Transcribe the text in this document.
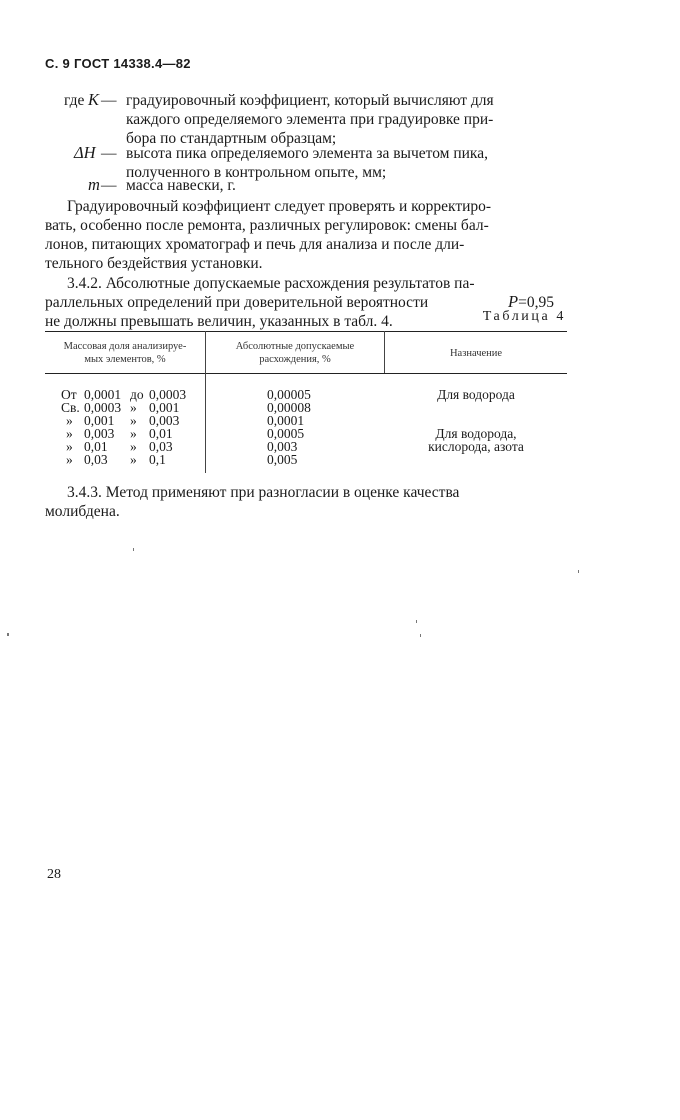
С. 9 ГОСТ 14338.4—82
где K — градуировочный коэффициент, который вычисляют для
каждого определяемого элемента при градуировке при-
бора по стандартным образцам;
ΔH — высота пика определяемого элемента за вычетом пика,
полученного в контрольном опыте, мм;
m — масса навески, г.
Градуировочный коэффициент следует проверять и корректиро-
вать, особенно после ремонта, различных регулировок: смены бал-
лонов, питающих хроматограф и печь для анализа и после дли-
тельного бездействия установки.
3.4.2. Абсолютные допускаемые расхождения результатов па-
раллельных определений при доверительной вероятности	P=0,95
не должны превышать величин, указанных в табл. 4.	Таблица 4
Массовая доля анализируе-
мых элементов, %
Абсолютные допускаемые
расхождения, %
Назначение
От 0,0001 до 0,0003	0,00005	Для водорода
Св. 0,0003 » 0,001	0,00008
» 0,001 » 0,003	0,0001
» 0,003 » 0,01	0,0005	Для водорода,
» 0,01 » 0,03	0,003	кислорода, азота
» 0,03 » 0,1	0,005
3.4.3. Метод применяют при разногласии в оценке качества
молибдена.
28
